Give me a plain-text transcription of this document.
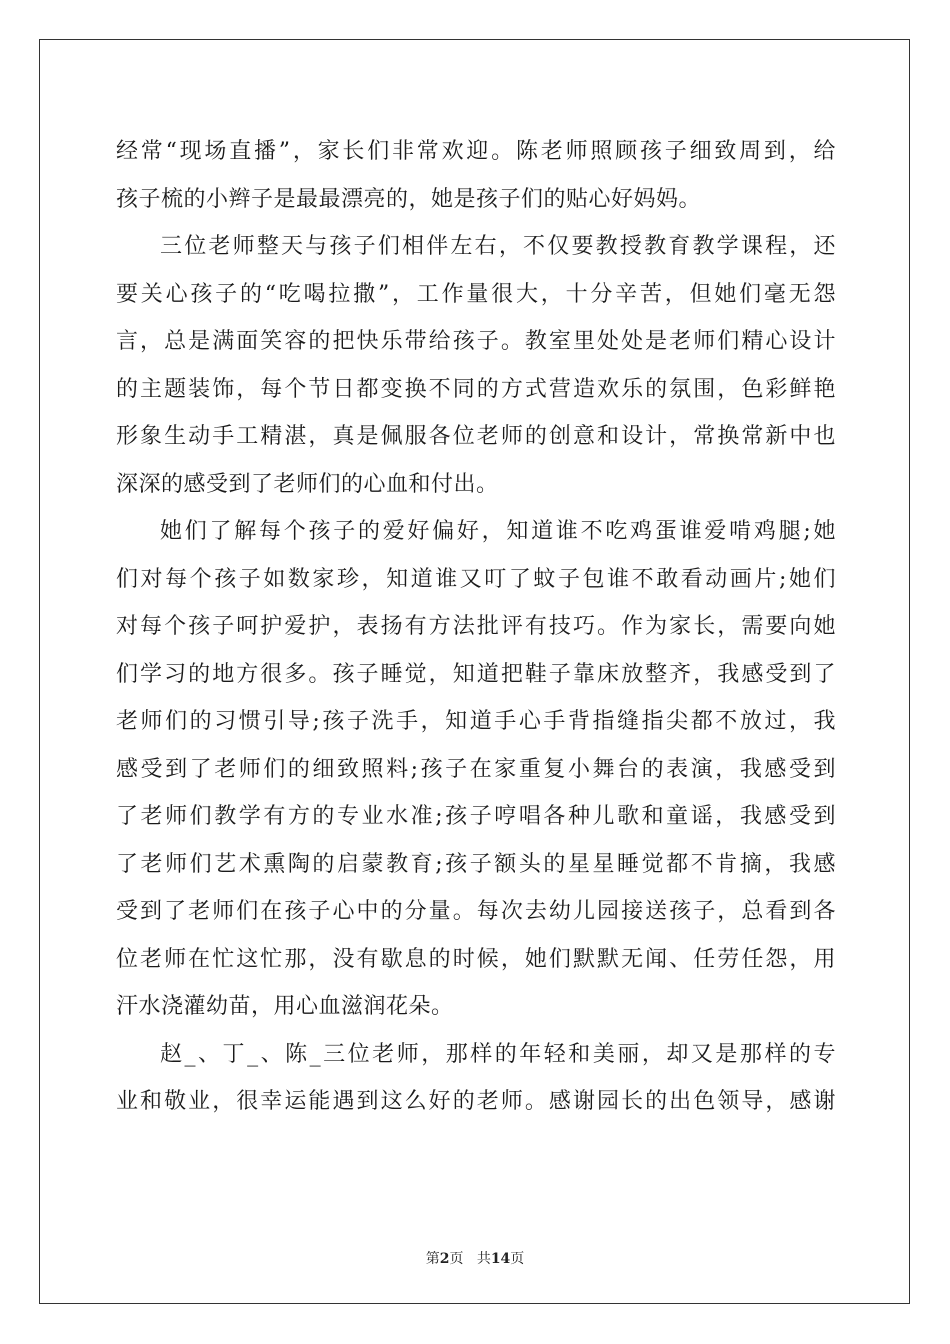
经常“现场直播”，家长们非常欢迎。陈老师照顾孩子细致周到，给
孩子梳的小辫子是最最漂亮的，她是孩子们的贴心好妈妈。
三位老师整天与孩子们相伴左右，不仅要教授教育教学课程，还
要关心孩子的“吃喝拉撒”，工作量很大，十分辛苦，但她们毫无怨
言，总是满面笑容的把快乐带给孩子。教室里处处是老师们精心设计
的主题装饰，每个节日都变换不同的方式营造欢乐的氛围，色彩鲜艳
形象生动手工精湛，真是佩服各位老师的创意和设计，常换常新中也
深深的感受到了老师们的心血和付出。
她们了解每个孩子的爱好偏好，知道谁不吃鸡蛋谁爱啃鸡腿;她
们对每个孩子如数家珍，知道谁又叮了蚊子包谁不敢看动画片;她们
对每个孩子呵护爱护，表扬有方法批评有技巧。作为家长，需要向她
们学习的地方很多。孩子睡觉，知道把鞋子靠床放整齐，我感受到了
老师们的习惯引导;孩子洗手，知道手心手背指缝指尖都不放过，我
感受到了老师们的细致照料;孩子在家重复小舞台的表演，我感受到
了老师们教学有方的专业水准;孩子哼唱各种儿歌和童谣，我感受到
了老师们艺术熏陶的启蒙教育;孩子额头的星星睡觉都不肯摘，我感
受到了老师们在孩子心中的分量。每次去幼儿园接送孩子，总看到各
位老师在忙这忙那，没有歇息的时候，她们默默无闻、任劳任怨，用
汗水浇灌幼苗，用心血滋润花朵。
赵_、丁_、陈_三位老师，那样的年轻和美丽，却又是那样的专
业和敬业，很幸运能遇到这么好的老师。感谢园长的出色领导，感谢
第2页 共14页
